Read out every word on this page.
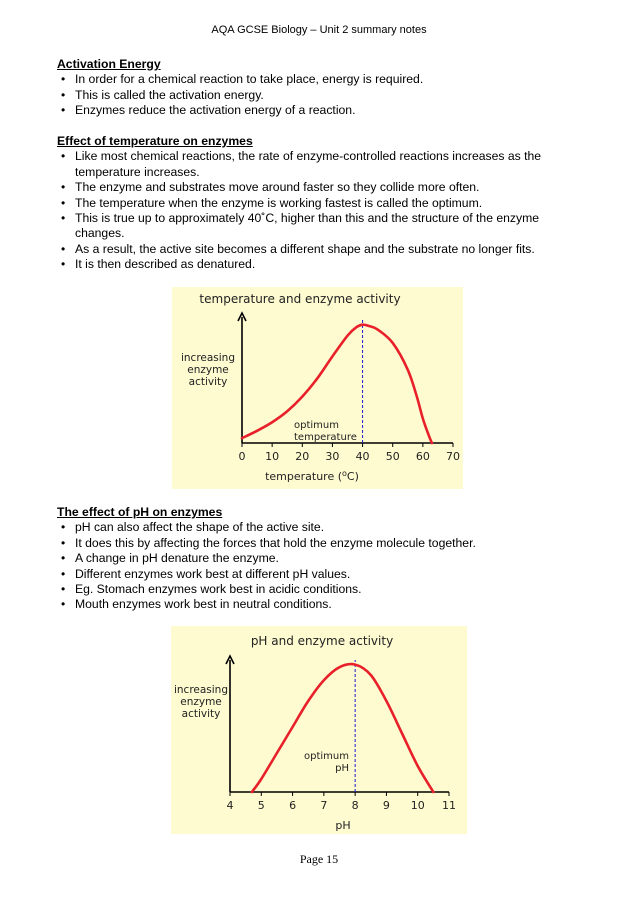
AQA GCSE Biology – Unit 2 summary notes
Activation Energy
• In order for a chemical reaction to take place, energy is required.
• This is called the activation energy.
• Enzymes reduce the activation energy of a reaction.
Effect of temperature on enzymes
• Like most chemical reactions, the rate of enzyme-controlled reactions increases as the temperature increases.
• The enzyme and substrates move around faster so they collide more often.
• The temperature when the enzyme is working fastest is called the optimum.
• This is true up to approximately 40˚C, higher than this and the structure of the enzyme changes.
• As a result, the active site becomes a different shape and the substrate no longer fits.
• It is then described as denatured.
temperature and enzyme activity
0 10 20 30 40 50 60 70
temperature ($^o$C)
increasing
enzyme
activity
optimum
temperature
The effect of pH on enzymes
• pH can also affect the shape of the active site.
• It does this by affecting the forces that hold the enzyme molecule together.
• A change in pH denature the enzyme.
• Different enzymes work best at different pH values.
• Eg. Stomach enzymes work best in acidic conditions.
• Mouth enzymes work best in neutral conditions.
pH and enzyme activity
4 5 6 7 8 9 10 11
pH
increasing
enzyme
activity
optimum
pH
Page 15
